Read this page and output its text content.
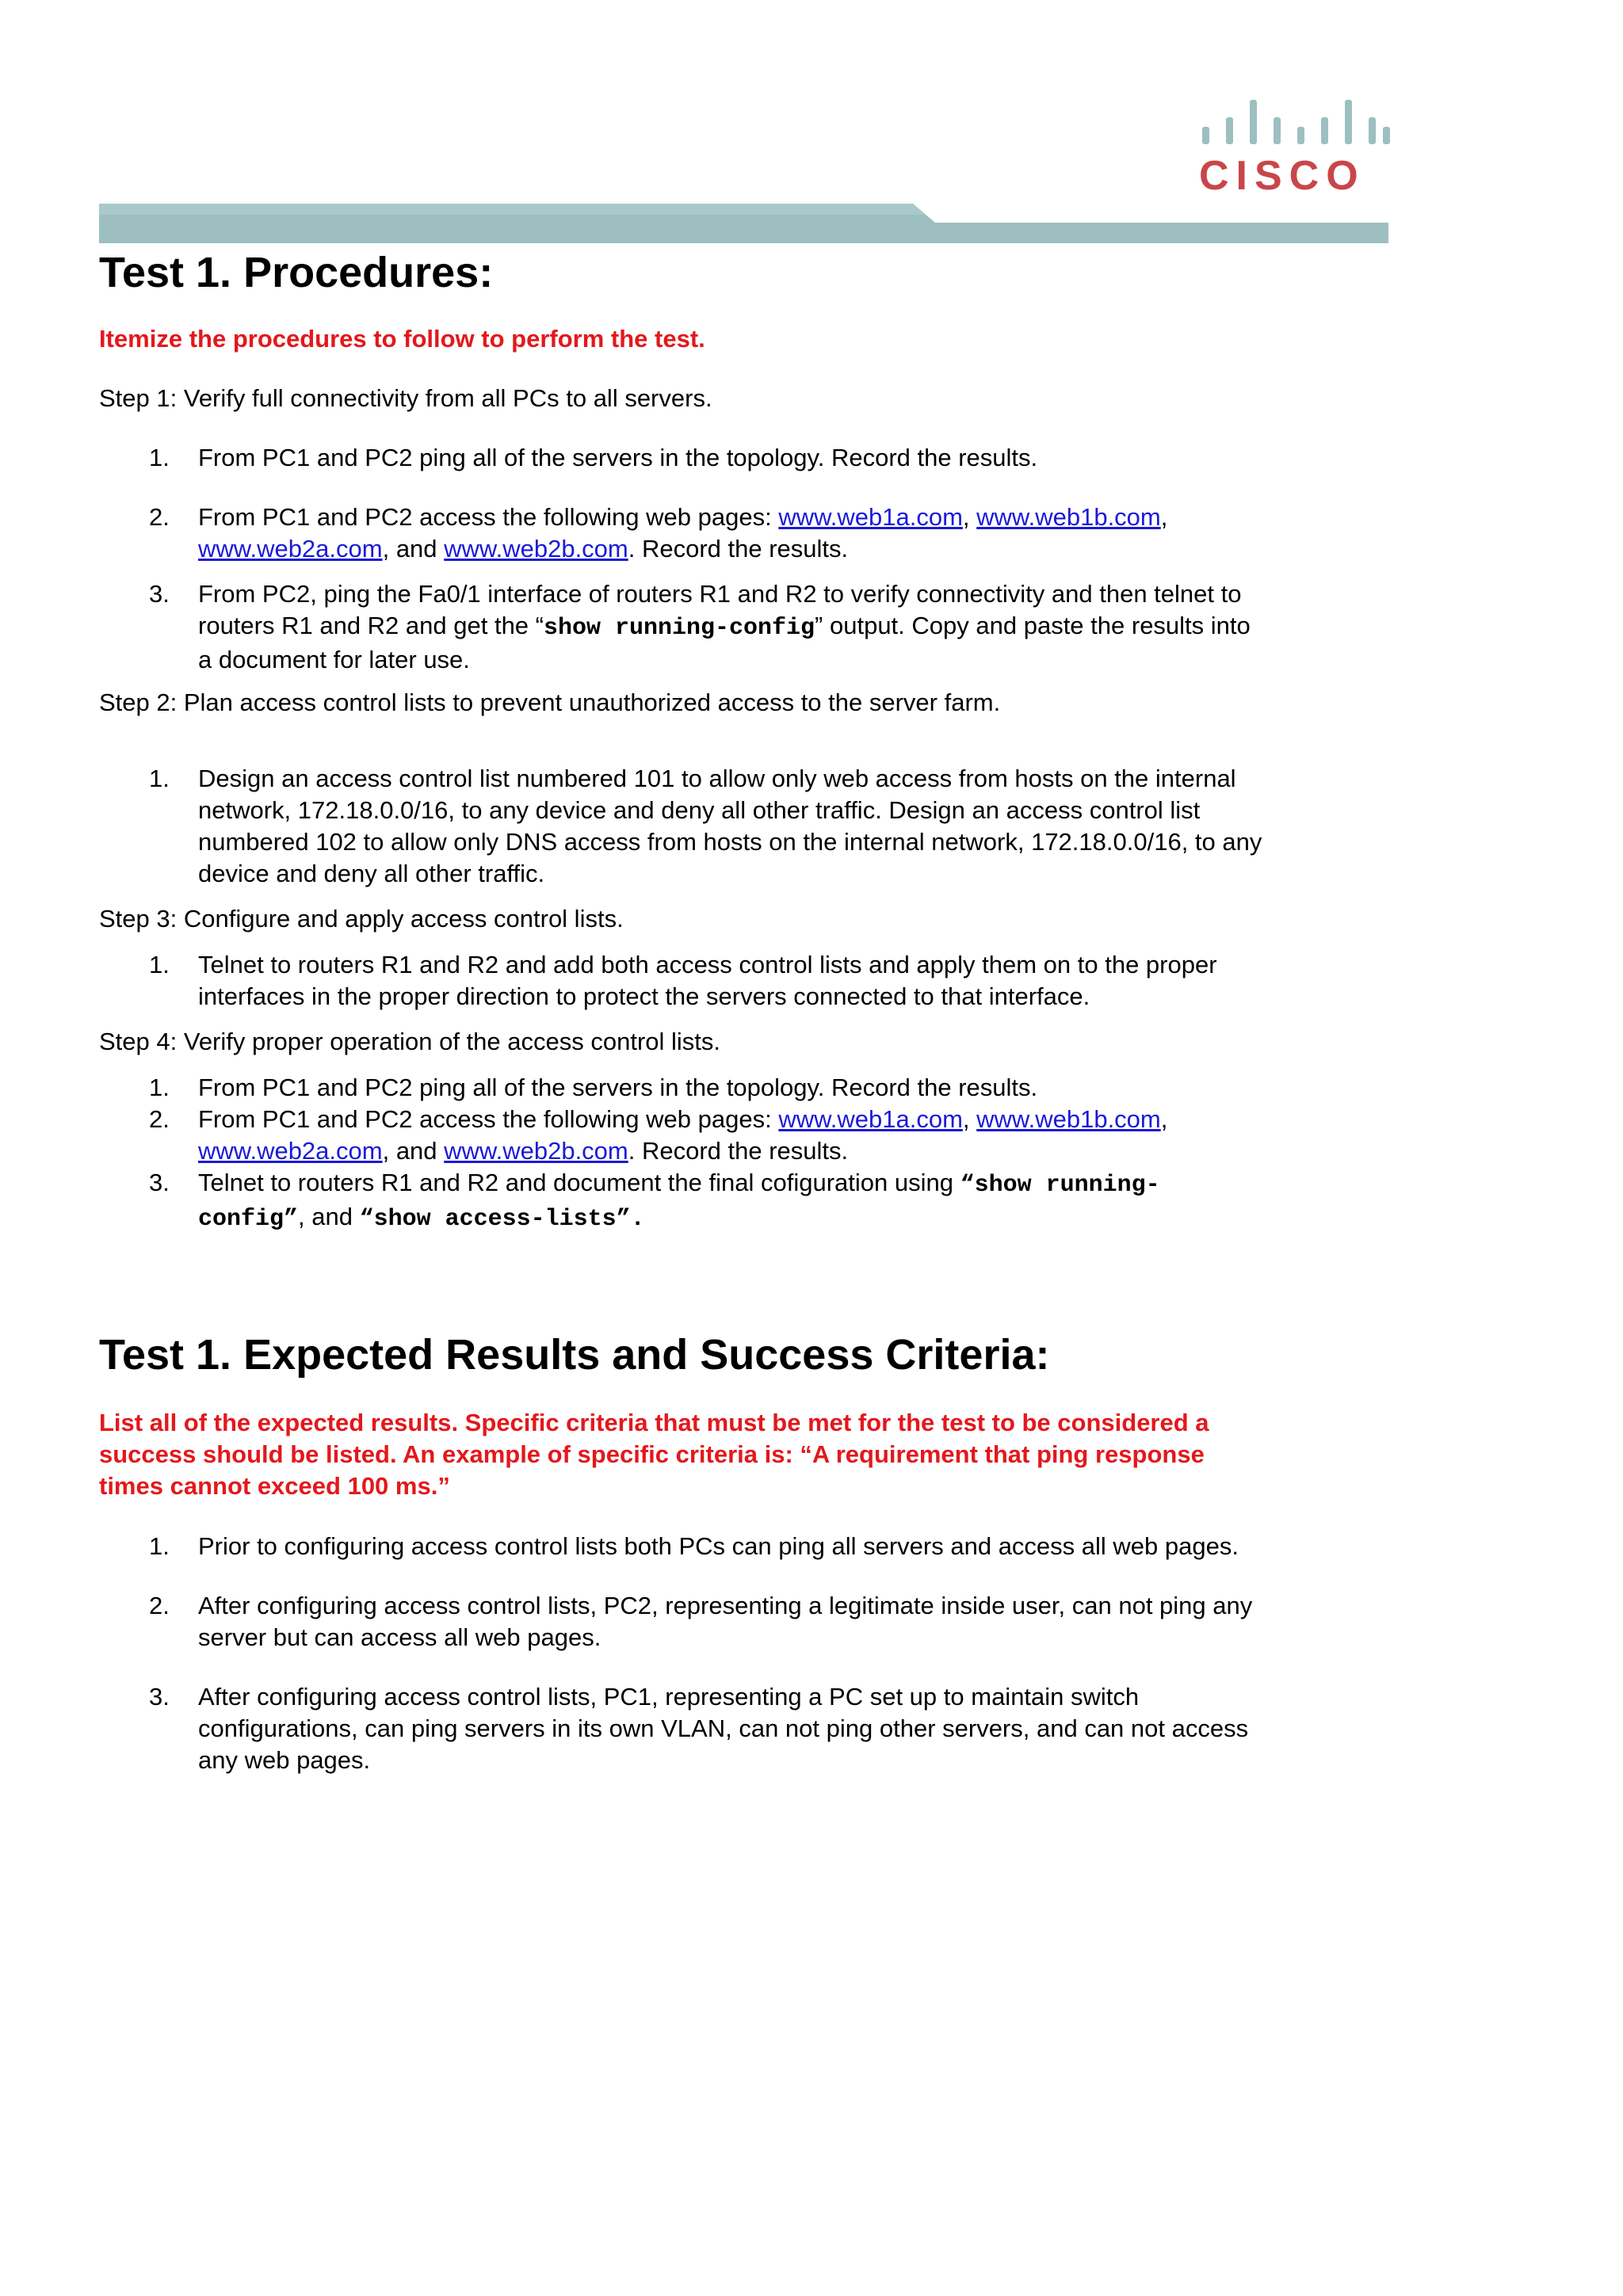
CISCO
Test 1. Procedures:

Itemize the procedures to follow to perform the test.

Step 1: Verify full connectivity from all PCs to all servers.

1.	From PC1 and PC2 ping all of the servers in the topology. Record the results.
2.	From PC1 and PC2 access the following web pages: www.web1a.com, www.web1b.com,
www.web2a.com, and www.web2b.com. Record the results.
3.	From PC2, ping the Fa0/1 interface of routers R1 and R2 to verify connectivity and then telnet to
routers R1 and R2 and get the “show running-config” output. Copy and paste the results into
a document for later use.

Step 2: Plan access control lists to prevent unauthorized access to the server farm.

1.	Design an access control list numbered 101 to allow only web access from hosts on the internal
network, 172.18.0.0/16, to any device and deny all other traffic. Design an access control list
numbered 102 to allow only DNS access from hosts on the internal network, 172.18.0.0/16, to any
device and deny all other traffic.

Step 3: Configure and apply access control lists.

1.	Telnet to routers R1 and R2 and add both access control lists and apply them on to the proper
interfaces in the proper direction to protect the servers connected to that interface.

Step 4: Verify proper operation of the access control lists.

1.	From PC1 and PC2 ping all of the servers in the topology. Record the results.
2.	From PC1 and PC2 access the following web pages: www.web1a.com, www.web1b.com,
www.web2a.com, and www.web2b.com. Record the results.
3.	Telnet to routers R1 and R2 and document the final cofiguration using “show running-
config”, and “show access-lists”.
Test 1. Expected Results and Success Criteria:
List all of the expected results. Specific criteria that must be met for the test to be considered a
success should be listed. An example of specific criteria is: “A requirement that ping response
times cannot exceed 100 ms.”
1.	Prior to configuring access control lists both PCs can ping all servers and access all web pages.
2.	After configuring access control lists, PC2, representing a legitimate inside user, can not ping any
server but can access all web pages.
3.	After configuring access control lists, PC1, representing a PC set up to maintain switch
configurations, can ping servers in its own VLAN, can not ping other servers, and can not access
any web pages.
